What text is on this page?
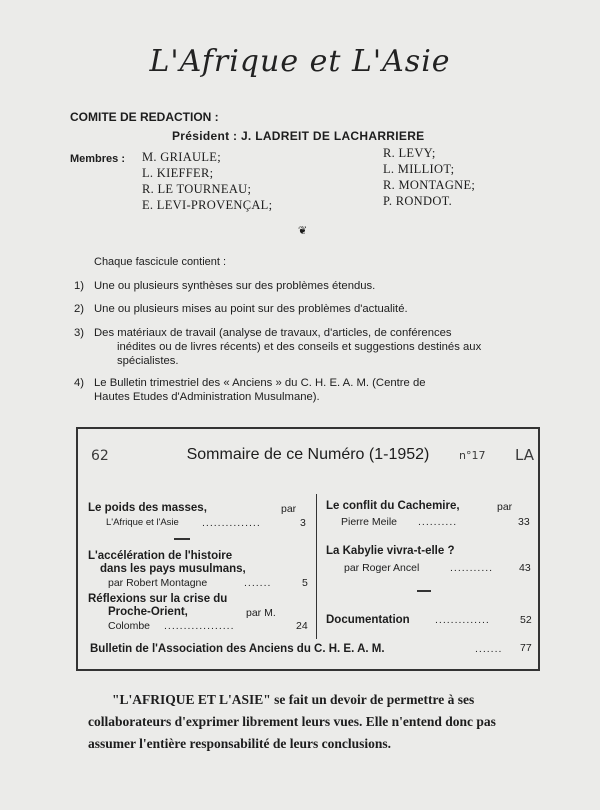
L'Afrique et L'Asie
COMITE DE REDACTION :
Président : J. LADREIT DE LACHARRIERE
Membres : M. GRIAULE;
L. KIEFFER;
R. LE TOURNEAU;
E. LEVI-PROVENÇAL;
R. LEVY;
L. MILLIOT;
R. MONTAGNE;
P. RONDOT.
❦
Chaque fascicule contient :
1) Une ou plusieurs synthèses sur des problèmes étendus.
2) Une ou plusieurs mises au point sur des problèmes d'actualité.
3) Des matériaux de travail (analyse de travaux, d'articles, de conférences
inédites ou de livres récents) et des conseils et suggestions destinés aux
spécialistes.
4) Le Bulletin trimestriel des « Anciens » du C. H. E. A. M. (Centre de
Hautes Etudes d'Administration Musulmane).
Sommaire de ce Numéro (1-1952)
62	n°17 LA
Le poids des masses,	par
L'Afrique et l'Asie ...............	3
L'accélération de l'histoire
dans les pays musulmans,
par Robert Montagne	.......	5
Réflexions sur la crise du
Proche-Orient,	par M.
Colombe ..................	24
Le conflit du Cachemire,	par
Pierre Meile ..........	33
La Kabylie vivra-t-elle ?
par Roger Ancel	........... 43
Documentation ..............	52
Bulletin de l'Association des Anciens du C. H. E. A. M.	....... 77
"L'AFRIQUE ET L'ASIE" se fait un devoir de permettre à ses
collaborateurs d'exprimer librement leurs vues. Elle n'entend donc pas
assumer l'entière responsabilité de leurs conclusions.
